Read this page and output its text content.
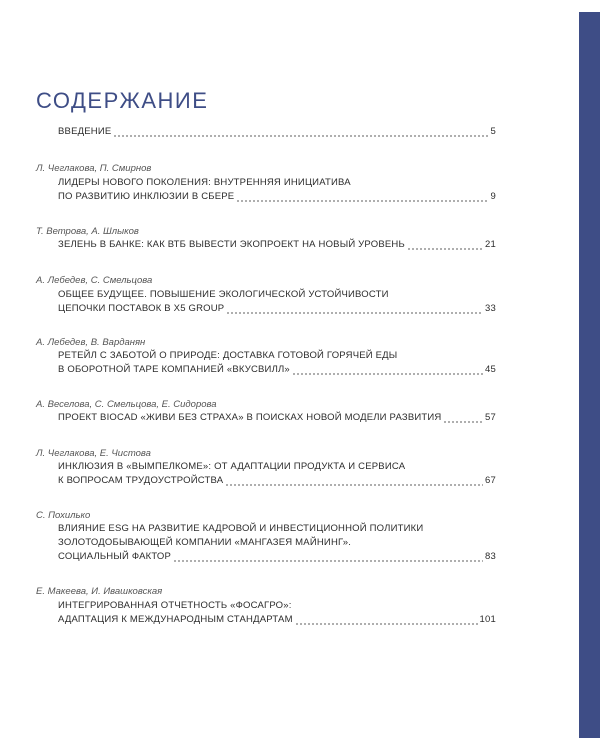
СОДЕРЖАНИЕ
ВВЕДЕНИЕ	5
Л. Чеглакова, П. Смирнов
ЛИДЕРЫ НОВОГО ПОКОЛЕНИЯ: ВНУТРЕННЯЯ ИНИЦИАТИВА
ПО РАЗВИТИЮ ИНКЛЮЗИИ В СБЕРЕ	9
Т. Ветрова, А. Шлыков
ЗЕЛЕНЬ В БАНКЕ: КАК ВТБ ВЫВЕСТИ ЭКОПРОЕКТ НА НОВЫЙ УРОВЕНЬ	21
А. Лебедев, С. Смельцова
ОБЩЕЕ БУДУЩЕЕ. ПОВЫШЕНИЕ ЭКОЛОГИЧЕСКОЙ УСТОЙЧИВОСТИ
ЦЕПОЧКИ ПОСТАВОК В X5 GROUP	33
А. Лебедев, В. Варданян
РЕТЕЙЛ С ЗАБОТОЙ О ПРИРОДЕ: ДОСТАВКА ГОТОВОЙ ГОРЯЧЕЙ ЕДЫ
В ОБОРОТНОЙ ТАРЕ КОМПАНИЕЙ «ВКУСВИЛЛ»	45
А. Веселова, С. Смельцова, Е. Сидорова
ПРОЕКТ BIOCAD «ЖИВИ БЕЗ СТРАХА» В ПОИСКАХ НОВОЙ МОДЕЛИ РАЗВИТИЯ	57
Л. Чеглакова, Е. Чистова
ИНКЛЮЗИЯ В «ВЫМПЕЛКОМЕ»: ОТ АДАПТАЦИИ ПРОДУКТА И СЕРВИСА
К ВОПРОСАМ ТРУДОУСТРОЙСТВА	67
С. Похилько
ВЛИЯНИЕ ESG НА РАЗВИТИЕ КАДРОВОЙ И ИНВЕСТИЦИОННОЙ ПОЛИТИКИ
ЗОЛОТОДОБЫВАЮЩЕЙ КОМПАНИИ «МАНГАЗЕЯ МАЙНИНГ».
СОЦИАЛЬНЫЙ ФАКТОР	83
Е. Макеева, И. Ивашковская
ИНТЕГРИРОВАННАЯ ОТЧЕТНОСТЬ «ФОСАГРО»:
АДАПТАЦИЯ К МЕЖДУНАРОДНЫМ СТАНДАРТАМ	101
